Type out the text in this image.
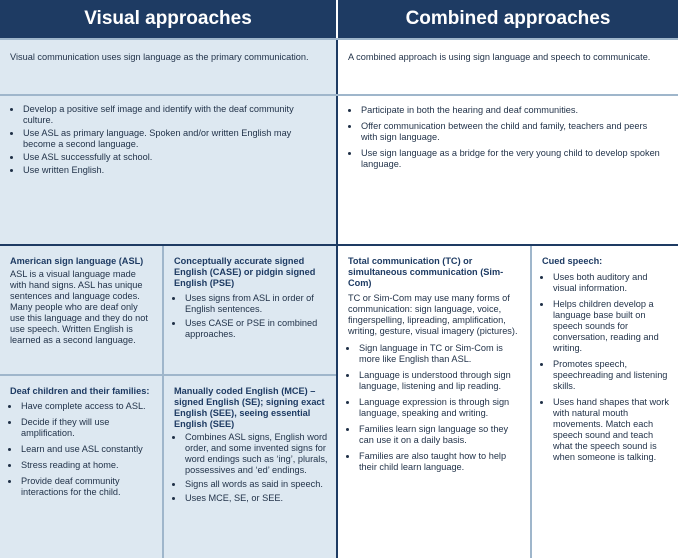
Visual approaches	Combined approaches

Visual communication uses sign language as the primary communication.

• Develop a positive self image and identify with the deaf community culture.
• Use ASL as primary language. Spoken and/or written English may become a second language.
• Use ASL successfully at school.
• Use written English.
American sign language (ASL)

ASL is a visual language made with hand signs. ASL has unique sentences and language codes. Many people who are deaf only use this language and they do not use speech. Written English is learned as a second language.

Conceptually accurate signed English (CASE) or pidgin signed English (PSE)
• Uses signs from ASL in order of English sentences.
• Uses CASE or PSE in combined approaches.
Deaf children and their families:
• Have complete access to ASL.
• Decide if they will use amplification.
• Learn and use ASL constantly
• Stress reading at home.
• Provide deaf community interactions for the child.
Manually coded English (MCE) – signed English (SE); signing exact English (SEE), seeing essential English (SEE)
• Combines ASL signs, English word order, and some invented signs for word endings such as ‘ing’, plurals, possessives and ‘ed’ endings.
• Signs all words as said in speech.
• Uses MCE, SE, or SEE.

A combined approach is using sign language and speech to communicate.

• Participate in both the hearing and deaf communities.
• Offer communication between the child and family, teachers and peers with sign language.
• Use sign language as a bridge for the very young child to develop spoken language.
Total communication (TC) or simultaneous communication (Sim-Com)

TC or Sim-Com may use many forms of communication: sign language, voice, fingerspelling, lipreading, amplification, writing, gesture, visual imagery (pictures).

• Sign language in TC or Sim-Com is more like English than ASL.
• Language is understood through sign language, listening and lip reading.
• Language expression is through sign language, speaking and writing.
• Families learn sign language so they can use it on a daily basis.
• Families are also taught how to help their child learn language.
Cued speech:
• Uses both auditory and visual information.
• Helps children develop a language base built on speech sounds for conversation, reading and writing.
• Promotes speech, speechreading and listening skills.
• Uses hand shapes that work with natural mouth movements. Match each speech sound and teach what the speech sound is when someone is talking.
